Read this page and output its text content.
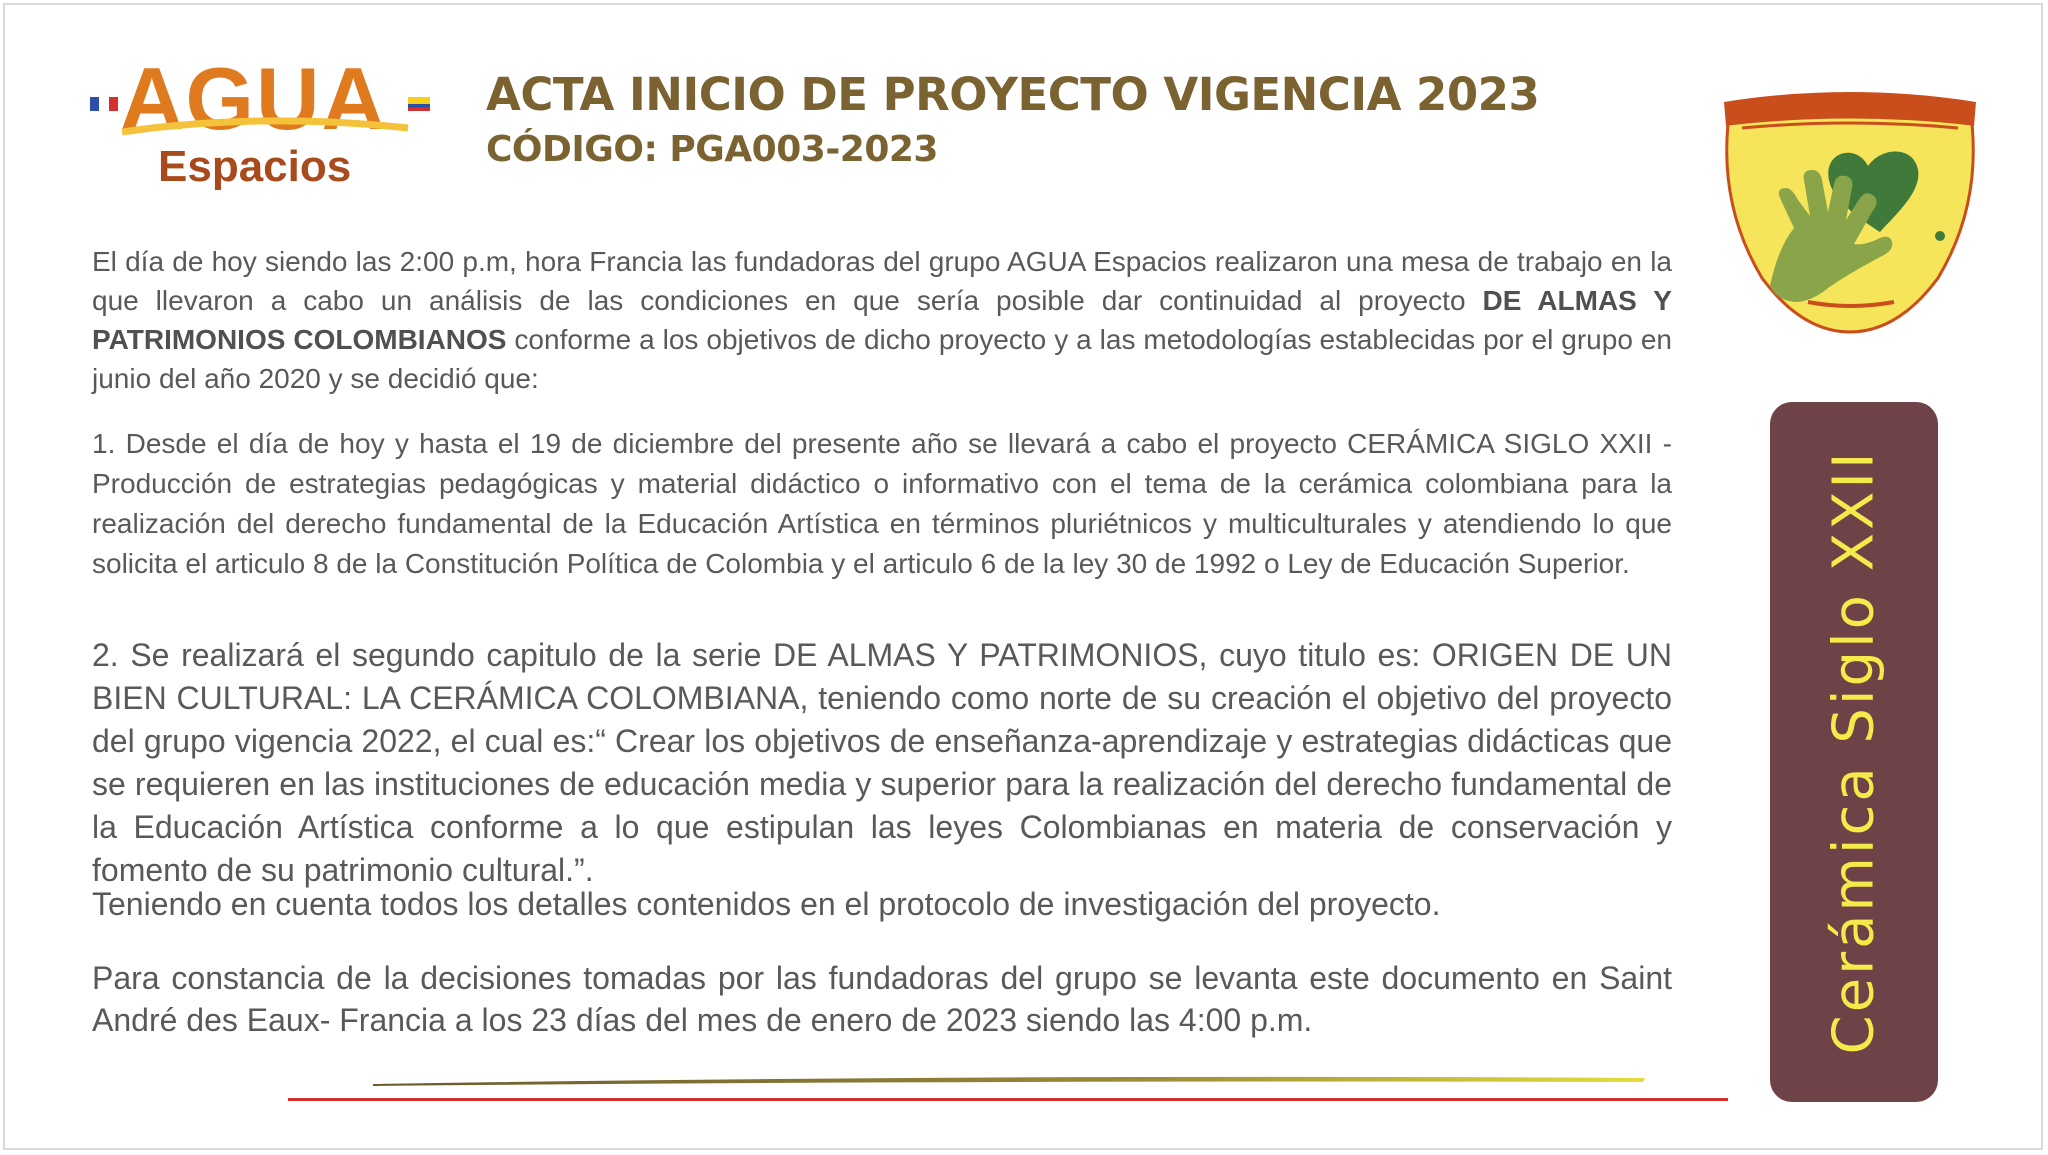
AGUA
Espacios
ACTA INICIO DE PROYECTO VIGENCIA 2023
CÓDIGO: PGA003-2023

El día de hoy siendo las 2:00 p.m, hora Francia las fundadoras del grupo AGUA Espacios realizaron una mesa de trabajo en la que llevaron a cabo un análisis de las condiciones en que sería posible dar continuidad al proyecto DE ALMAS Y PATRIMONIOS COLOMBIANOS conforme a los objetivos de dicho proyecto y a las metodologías establecidas por el grupo en junio del año 2020 y se decidió que:

1. Desde el día de hoy y hasta el 19 de diciembre del presente año se llevará a cabo el proyecto CERÁMICA SIGLO XXII - Producción de estrategias pedagógicas y material didáctico o informativo con el tema de la cerámica colombiana para la realización del derecho fundamental de la Educación Artística en términos pluriétnicos y multiculturales y atendiendo lo que solicita el articulo 8 de la Constitución Política de Colombia y el articulo 6 de la ley 30 de 1992 o Ley de Educación Superior.

2. Se realizará el segundo capitulo de la serie DE ALMAS Y PATRIMONIOS, cuyo titulo es: ORIGEN DE UN BIEN CULTURAL: LA CERÁMICA COLOMBIANA, teniendo como norte de su creación el objetivo del proyecto del grupo vigencia 2022, el cual es:“ Crear los objetivos de enseñanza-aprendizaje y estrategias didácticas que se requieren en las instituciones de educación media y superior para la realización del derecho fundamental de la Educación Artística conforme a lo que estipulan las leyes Colombianas en materia de conservación y fomento de su patrimonio cultural.”.

Teniendo en cuenta todos los detalles contenidos en el protocolo de investigación del proyecto.

Para constancia de la decisiones tomadas por las fundadoras del grupo se levanta este documento en Saint André des Eaux- Francia a los 23 días del mes de enero de 2023 siendo las 4:00 p.m.	Cerámica Siglo XXII
